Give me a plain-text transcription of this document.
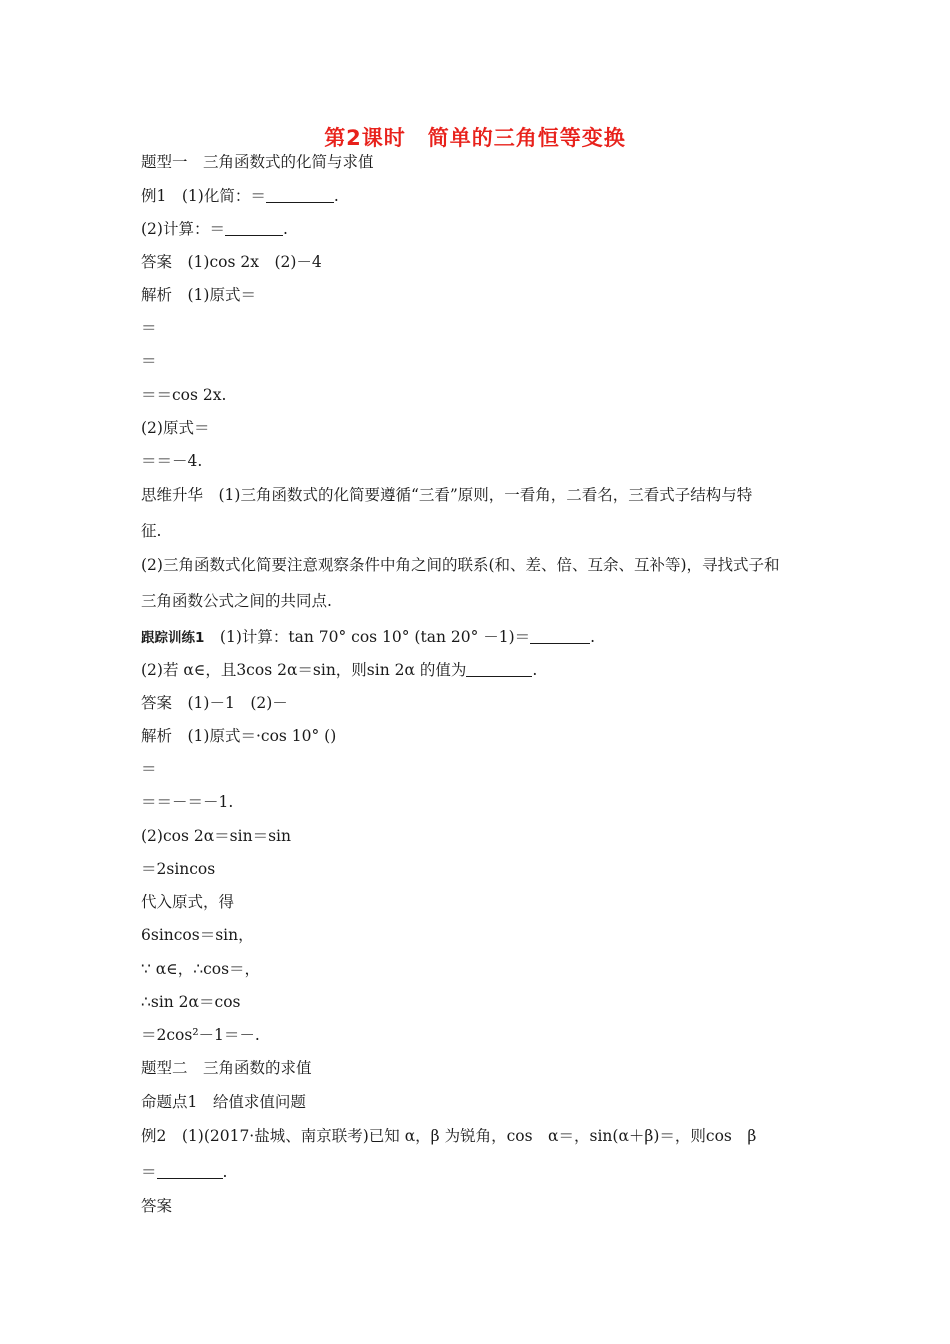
第2课时　简单的三角恒等变换
题型一　三角函数式的化简与求值
例1　(1)化简：＝	.
(2)计算：＝	.
答案　(1)cos 2x　(2)－4
解析　(1)原式＝
＝
＝
＝＝cos 2x.
(2)原式＝
＝＝－4.
思维升华　(1)三角函数式的化简要遵循“三看”原则，一看角，二看名，三看式子结构与特
征.
(2)三角函数式化简要注意观察条件中角之间的联系(和、差、倍、互余、互补等)，寻找式子和
三角函数公式之间的共同点.
跟踪训练1　(1)计算：tan 70° cos 10° (tan 20° －1)＝	.
(2)若 α∈，且3cos 2α＝sin，则sin 2α 的值为	.
答案　(1)－1　(2)－
解析　(1)原式＝·cos 10° ()
＝
＝＝－＝－1.
(2)cos 2α＝sin＝sin
＝2sincos
代入原式，得
6sincos＝sin，
∵ α∈，∴cos＝，
∴sin 2α＝cos
＝2cos²－1＝－.
题型二　三角函数的求值
命题点1　给值求值问题
例2　(1)(2017·盐城、南京联考)已知 α，β 为锐角，cos　α＝，sin(α＋β)＝，则cos　β
＝	.
答案
